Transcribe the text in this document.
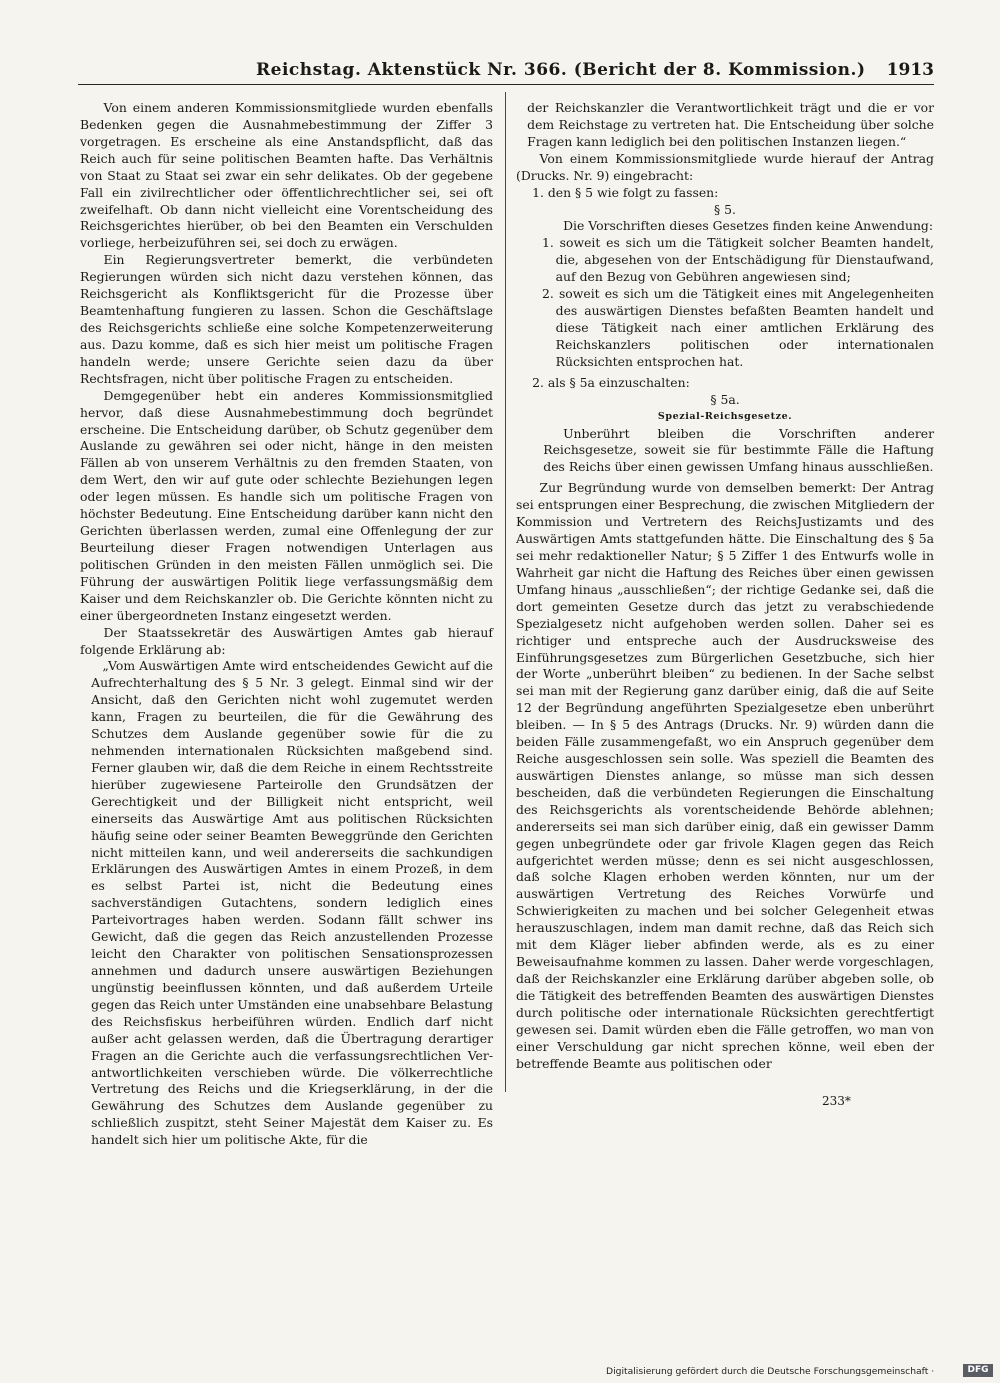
Reichstag. Aktenstück Nr. 366. (Bericht der 8. Kommission.) 1913

Von einem anderen Kommissionsmitgliede wurden ebenfalls Bedenken gegen die Ausnahmebestimmung der Ziffer 3 vorgetragen. Es erscheine als eine Anstandspflicht, daß das Reich auch für seine politischen Beamten hafte. Das Verhältnis von Staat zu Staat sei zwar ein sehr delikates. Ob der gegebene Fall ein zivilrechtlicher oder öffentlichrechtlicher sei, sei oft zweifelhaft. Ob dann nicht vielleicht eine Vorentscheidung des Reichsgerichtes hierüber, ob bei den Beamten ein Verschulden vorliege, herbeizuführen sei, sei doch zu erwägen.

Ein Regierungsvertreter bemerkt, die verbündeten Regierungen würden sich nicht dazu verstehen können, das Reichsgericht als Konfliktsgericht für die Prozesse über Beamtenhaftung fungieren zu lassen. Schon die Geschäftslage des Reichsgerichts schließe eine solche Kompetenzerweiterung aus. Dazu komme, daß es sich hier meist um politische Fragen handeln werde; unsere Gerichte seien dazu da über Rechtsfragen, nicht über politische Fragen zu entscheiden.

Demgegenüber hebt ein anderes Kommissionsmitglied hervor, daß diese Ausnahmebestimmung doch begründet erscheine. Die Entscheidung darüber, ob Schutz gegenüber dem Auslande zu gewähren sei oder nicht, hänge in den meisten Fällen ab von unserem Verhältnis zu den fremden Staaten, von dem Wert, den wir auf gute oder schlechte Beziehungen legen oder legen müssen. Es handle sich um politische Fragen von höchster Bedeutung. Eine Entscheidung darüber kann nicht den Gerichten überlassen werden, zumal eine Offenlegung der zur Beurteilung dieser Fragen notwendigen Unterlagen aus politischen Gründen in den meisten Fällen unmöglich sei. Die Führung der auswärtigen Politik liege verfassungsmäßig dem Kaiser und dem Reichskanzler ob. Die Gerichte könnten nicht zu einer übergeordneten Instanz eingesetzt werden.

Der Staatssekretär des Auswärtigen Amtes gab hierauf folgende Erklärung ab:

„Vom Auswärtigen Amte wird entscheidendes Gewicht auf die Aufrechterhaltung des § 5 Nr. 3 gelegt. Einmal sind wir der Ansicht, daß den Gerichten nicht wohl zugemutet werden kann, Fragen zu beurteilen, die für die Gewährung des Schutzes dem Auslande gegenüber sowie für die zu nehmenden internationalen Rücksichten maßgebend sind. Ferner glauben wir, daß die dem Reiche in einem Rechtsstreite hierüber zugewiesene Parteirolle den Grundsätzen der Gerechtigkeit und der Billigkeit nicht entspricht, weil einerseits das Auswärtige Amt aus politischen Rücksichten häufig seine oder seiner Beamten Beweggründe den Gerichten nicht mitteilen kann, und weil andererseits die sachkundigen Erklärungen des Auswärtigen Amtes in einem Prozeß, in dem es selbst Partei ist, nicht die Bedeutung eines sachverständigen Gutachtens, sondern lediglich eines Parteivortrages haben werden. Sodann fällt schwer ins Gewicht, daß die gegen das Reich anzustellenden Prozesse leicht den Charakter von politischen Sensationsprozessen annehmen und dadurch unsere auswärtigen Beziehungen ungünstig beeinflussen könnten, und daß außerdem Urteile gegen das Reich unter Umständen eine unabsehbare Belastung des Reichsfiskus herbeiführen würden. Endlich darf nicht außer acht gelassen werden, daß die Übertragung derartiger Fragen an die Gerichte auch die verfassungsrechtlichen Verantwortlichkeiten verschieben würde. Die völkerrechtliche Vertretung des Reichs und die Kriegserklärung, in der die Gewährung des Schutzes dem Auslande gegenüber zu schließlich zuspitzt, steht Seiner Majestät dem Kaiser zu. Es handelt sich hier um politische Akte, für die

der Reichskanzler die Verantwortlichkeit trägt und die er vor dem Reichstage zu vertreten hat. Die Entscheidung über solche Fragen kann lediglich bei den politischen Instanzen liegen.“

Von einem Kommissionsmitgliede wurde hierauf der Antrag (Drucks. Nr. 9) eingebracht:

1. den § 5 wie folgt zu fassen:

§ 5.

Die Vorschriften dieses Gesetzes finden keine Anwendung:

1. soweit es sich um die Tätigkeit solcher Beamten handelt, die, abgesehen von der Entschädigung für Dienstaufwand, auf den Bezug von Gebühren angewiesen sind;
2. soweit es sich um die Tätigkeit eines mit Angelegenheiten des auswärtigen Dienstes befaßten Beamten handelt und diese Tätigkeit nach einer amtlichen Erklärung des Reichskanzlers politischen oder internationalen Rücksichten entsprochen hat.

2. als § 5a einzuschalten:

§ 5a.
Spezial-Reichsgesetze.

Unberührt bleiben die Vorschriften anderer Reichsgesetze, soweit sie für bestimmte Fälle die Haftung des Reichs über einen gewissen Umfang hinaus ausschließen.

Zur Begründung wurde von demselben bemerkt: Der Antrag sei entsprungen einer Besprechung, die zwischen Mitgliedern der Kommission und Vertretern des ReichsJustizamts und des Auswärtigen Amts stattgefunden hätte. Die Einschaltung des § 5a sei mehr redaktioneller Natur; § 5 Ziffer 1 des Entwurfs wolle in Wahrheit gar nicht die Haftung des Reiches über einen gewissen Umfang hinaus „ausschließen“; der richtige Gedanke sei, daß die dort gemeinten Gesetze durch das jetzt zu verabschiedende Spezialgesetz nicht aufgehoben werden sollen. Daher sei es richtiger und entspreche auch der Ausdrucksweise des Einführungsgesetzes zum Bürgerlichen Gesetzbuche, sich hier der Worte „unberührt bleiben“ zu bedienen. In der Sache selbst sei man mit der Regierung ganz darüber einig, daß die auf Seite 12 der Begründung angeführten Spezialgesetze eben unberührt bleiben. — In § 5 des Antrags (Drucks. Nr. 9) würden dann die beiden Fälle zusammengefaßt, wo ein Anspruch gegenüber dem Reiche ausgeschlossen sein solle. Was speziell die Beamten des auswärtigen Dienstes anlange, so müsse man sich dessen bescheiden, daß die verbündeten Regierungen die Einschaltung des Reichsgerichts als vorentscheidende Behörde ablehnen; andererseits sei man sich darüber einig, daß ein gewisser Damm gegen unbegründete oder gar frivole Klagen gegen das Reich aufgerichtet werden müsse; denn es sei nicht ausgeschlossen, daß solche Klagen erhoben werden könnten, nur um der auswärtigen Vertretung des Reiches Vorwürfe und Schwierigkeiten zu machen und bei solcher Gelegenheit etwas herauszuschlagen, indem man damit rechne, daß das Reich sich mit dem Kläger lieber abfinden werde, als es zu einer Beweisaufnahme kommen zu lassen. Daher werde vorgeschlagen, daß der Reichskanzler eine Erklärung darüber abgeben solle, ob die Tätigkeit des betreffenden Beamten des auswärtigen Dienstes durch politische oder internationale Rücksichten gerechtfertigt gewesen sei. Damit würden eben die Fälle getroffen, wo man von einer Verschuldung gar nicht sprechen könne, weil eben der betreffende Beamte aus politischen oder

233*
Digitalisierung gefördert durch die Deutsche Forschungsgemeinschaft ·	DFG
